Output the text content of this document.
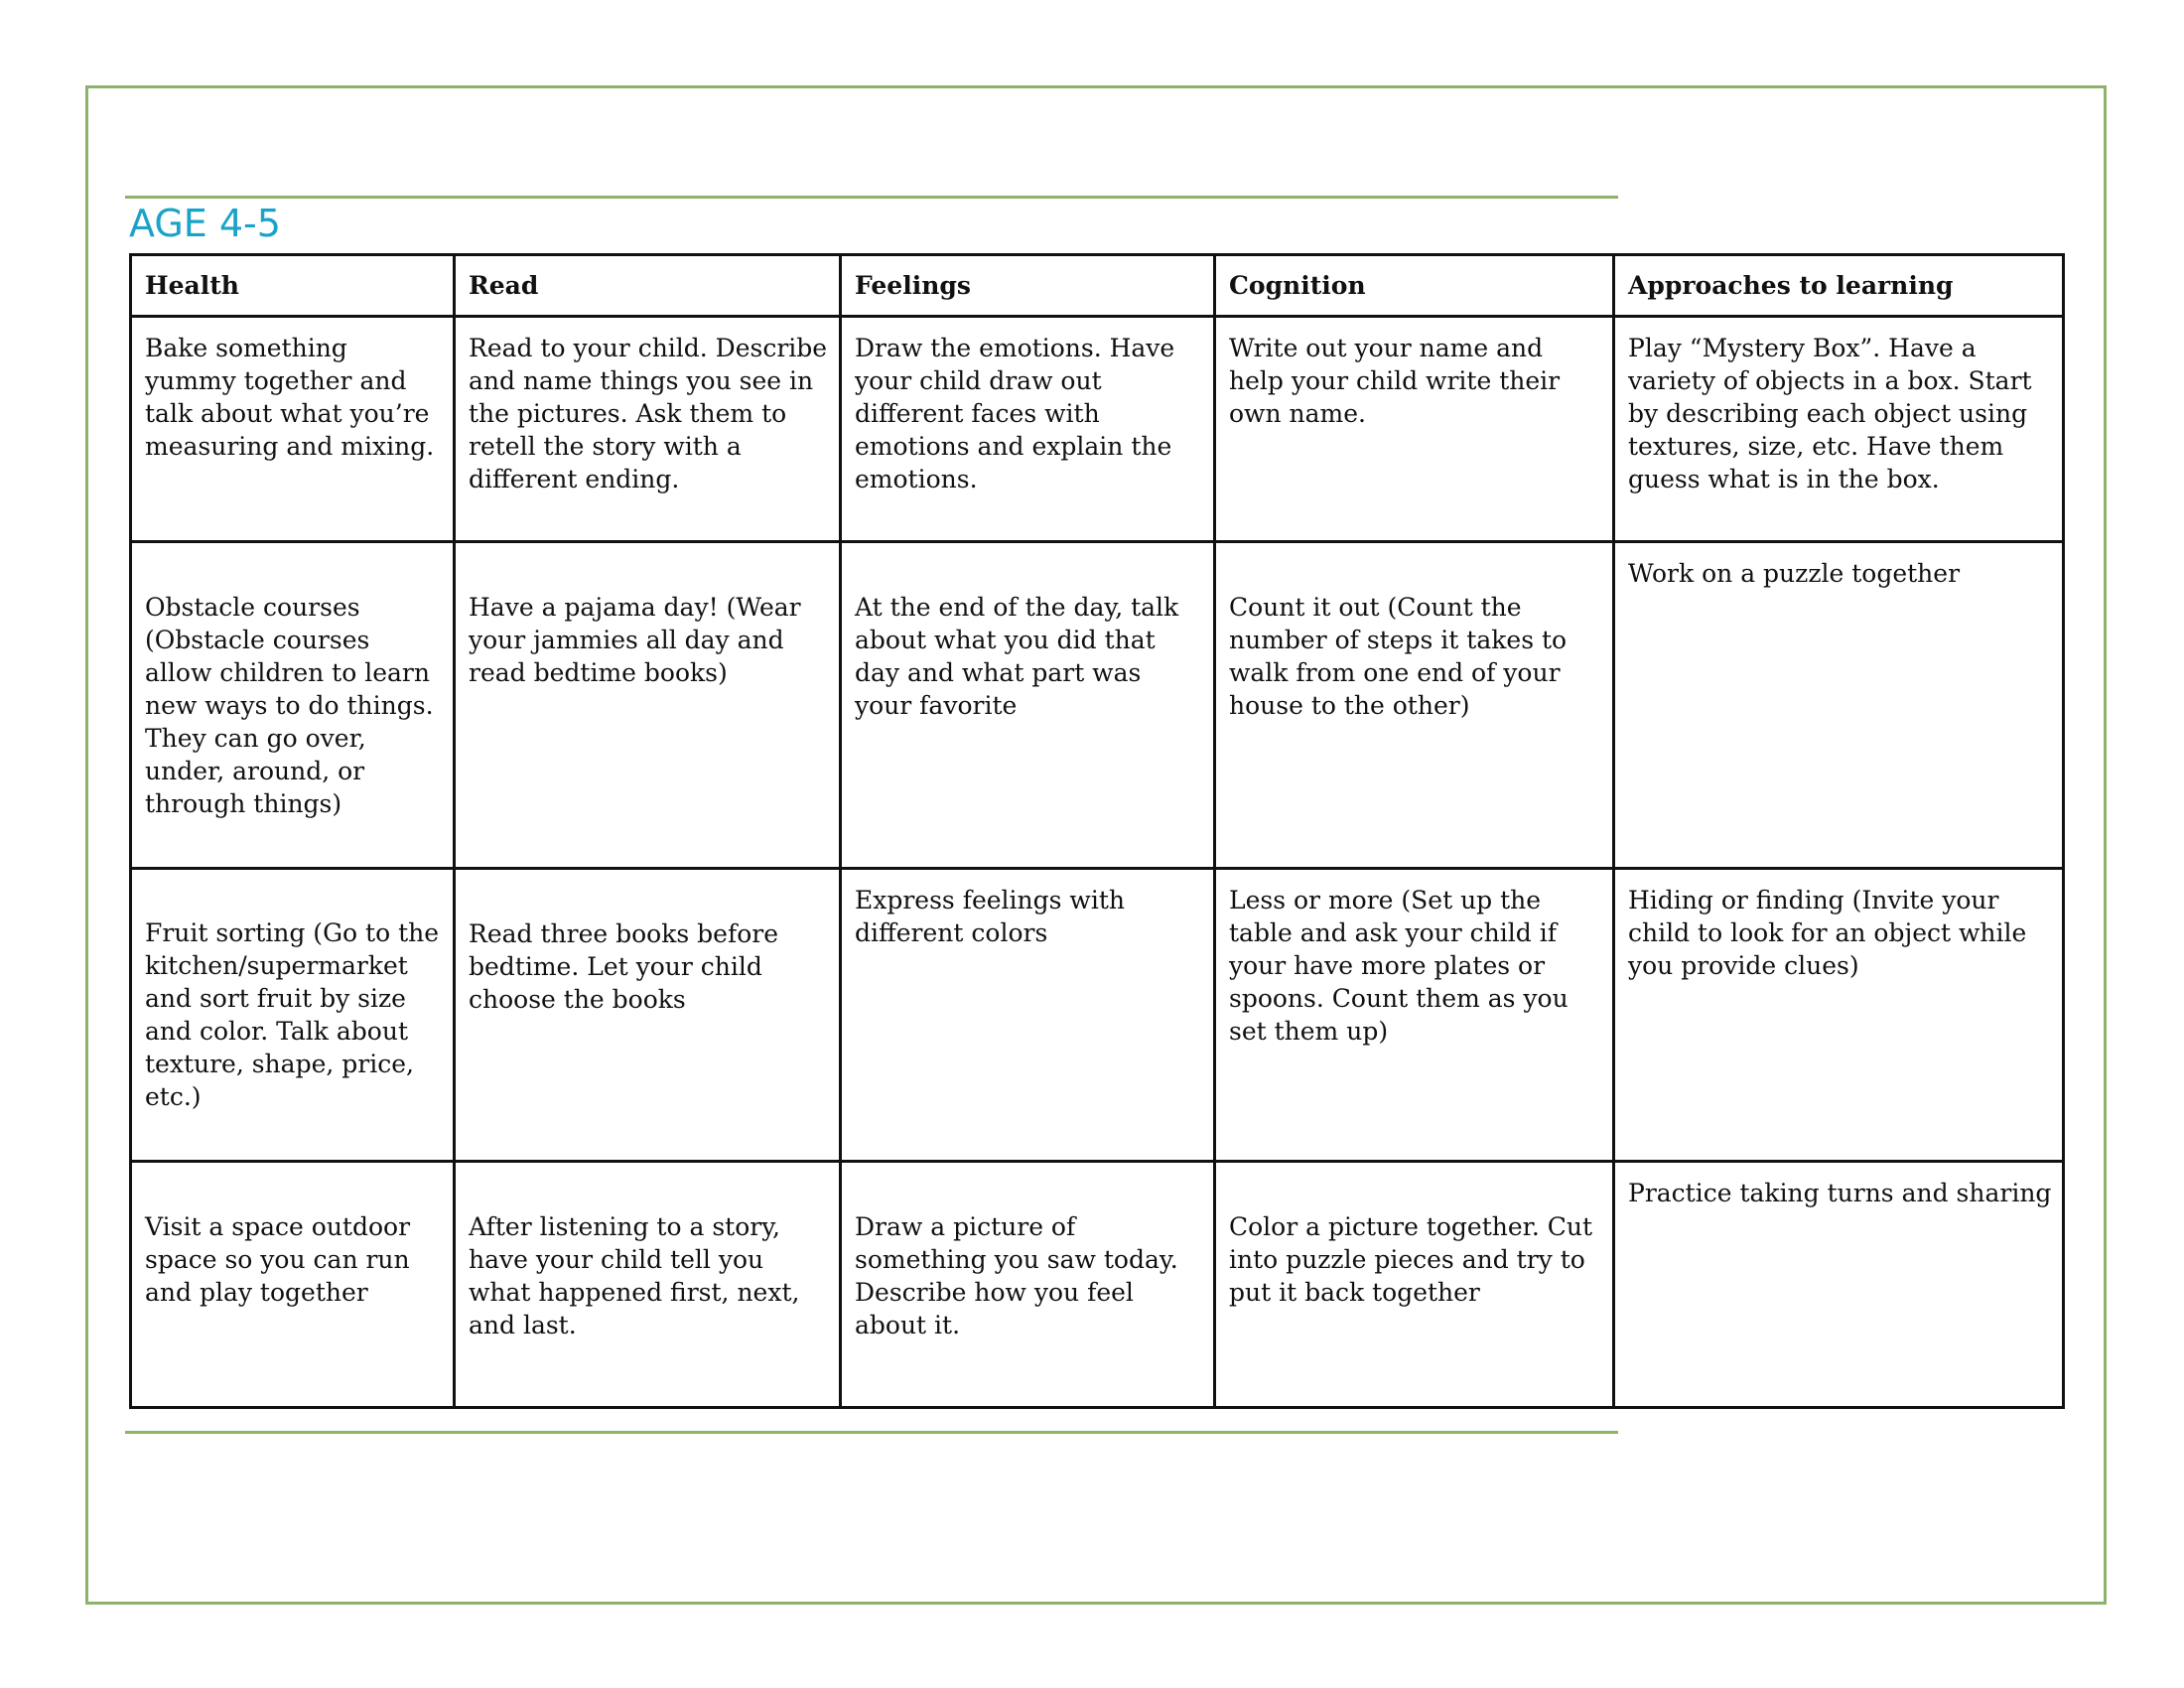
AGE 4-5
Health	Read	Feelings	Cognition	Approaches to learning

Bake something yummy together and talk about what you’re measuring and mixing.	Read to your child. Describe and name things you see in the pictures. Ask them to retell the story with a different ending.	Draw the emotions. Have your child draw out different faces with emotions and explain the emotions.	Write out your name and help your child write their own name.	Play “Mystery Box”. Have a variety of objects in a box. Start by describing each object using textures, size, etc. Have them guess what is in the box.

Obstacle courses (Obstacle courses allow children to learn new ways to do things. They can go over, under, around, or through things)	Have a pajama day! (Wear your jammies all day and read bedtime books)	At the end of the day, talk about what you did that day and what part was your favorite	Count it out (Count the number of steps it takes to walk from one end of your house to the other)	Work on a puzzle together

Fruit sorting (Go to the kitchen/supermarket and sort fruit by size and color. Talk about texture, shape, price, etc.)	Read three books before bedtime. Let your child choose the books	Express feelings with different colors	Less or more (Set up the table and ask your child if your have more plates or spoons. Count them as you set them up)	Hiding or finding (Invite your child to look for an object while you provide clues)

Visit a space outdoor space so you can run and play together	After listening to a story, have your child tell you what happened first, next, and last.	Draw a picture of something you saw today. Describe how you feel about it.	Color a picture together. Cut into puzzle pieces and try to put it back together	Practice taking turns and sharing
